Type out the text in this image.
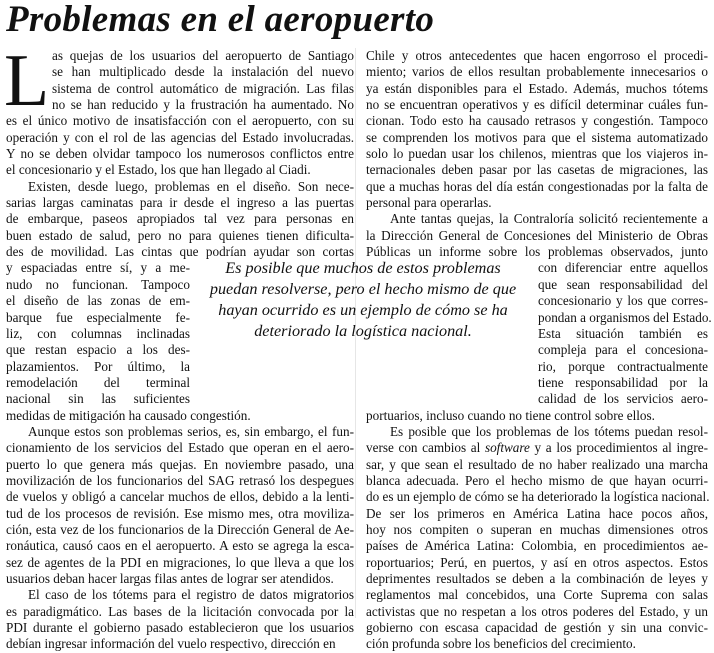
Problemas en el aeropuerto
L as quejas de los usuarios del aeropuerto de Santiago
se han multiplicado desde la instalación del nuevo
sistema de control automático de migración. Las filas
no se han reducido y la frustración ha aumentado. No
es el único motivo de insatisfacción con el aeropuerto, con su
operación y con el rol de las agencias del Estado involucradas.
Y no se deben olvidar tampoco los numerosos conflictos entre
el concesionario y el Estado, los que han llegado al Ciadi.
Existen, desde luego, problemas en el diseño. Son nece-
sarias largas caminatas para ir desde el ingreso a las puertas
de embarque, paseos apropiados tal vez para personas en
buen estado de salud, pero no para quienes tienen dificulta-
des de movilidad. Las cintas que podrían ayudar son cortas
y espaciadas entre sí, y a me-
nudo no funcionan. Tampoco
el diseño de las zonas de em-
barque fue especialmente fe-
liz, con columnas inclinadas
que restan espacio a los des-
plazamientos. Por último, la
remodelación del terminal
nacional sin las suficientes
medidas de mitigación ha causado congestión.
Aunque estos son problemas serios, es, sin embargo, el fun-
cionamiento de los servicios del Estado que operan en el aero-
puerto lo que genera más quejas. En noviembre pasado, una
movilización de los funcionarios del SAG retrasó los despegues
de vuelos y obligó a cancelar muchos de ellos, debido a la lenti-
tud de los procesos de revisión. Ese mismo mes, otra moviliza-
ción, esta vez de los funcionarios de la Dirección General de Ae-
ronáutica, causó caos en el aeropuerto. A esto se agrega la esca-
sez de agentes de la PDI en migraciones, lo que lleva a que los
usuarios deban hacer largas filas antes de lograr ser atendidos.
El caso de los tótems para el registro de datos migratorios
es paradigmático. Las bases de la licitación convocada por la
PDI durante el gobierno pasado establecieron que los usuarios
debían ingresar información del vuelo respectivo, dirección en
Chile y otros antecedentes que hacen engorroso el procedi-
miento; varios de ellos resultan probablemente innecesarios o
ya están disponibles para el Estado. Además, muchos tótems
no se encuentran operativos y es difícil determinar cuáles fun-
cionan. Todo esto ha causado retrasos y congestión. Tampoco
se comprenden los motivos para que el sistema automatizado
solo lo puedan usar los chilenos, mientras que los viajeros in-
ternacionales deben pasar por las casetas de migraciones, las
que a muchas horas del día están congestionadas por la falta de
personal para operarlas.
Ante tantas quejas, la Contraloría solicitó recientemente a
la Dirección General de Concesiones del Ministerio de Obras
Públicas un informe sobre los problemas observados, junto
con diferenciar entre aquellos
que sean responsabilidad del
concesionario y los que corres-
pondan a organismos del Estado.
Esta situación también es
compleja para el concesiona-
rio, porque contractualmente
tiene responsabilidad por la
calidad de los servicios aero-
portuarios, incluso cuando no tiene control sobre ellos.
Es posible que los problemas de los tótems puedan resol-
verse con cambios al software y a los procedimientos al ingre-
sar, y que sean el resultado de no haber realizado una marcha
blanca adecuada. Pero el hecho mismo de que hayan ocurri-
do es un ejemplo de cómo se ha deteriorado la logística nacional.
De ser los primeros en América Latina hace pocos años,
hoy nos compiten o superan en muchas dimensiones otros
países de América Latina: Colombia, en procedimientos ae-
roportuarios; Perú, en puertos, y así en otros aspectos. Estos
deprimentes resultados se deben a la combinación de leyes y
reglamentos mal concebidos, una Corte Suprema con salas
activistas que no respetan a los otros poderes del Estado, y un
gobierno con escasa capacidad de gestión y sin una convic-
ción profunda sobre los beneficios del crecimiento.
Es posible que muchos de estos problemas
puedan resolverse, pero el hecho mismo de que
hayan ocurrido es un ejemplo de cómo se ha
deteriorado la logística nacional.
